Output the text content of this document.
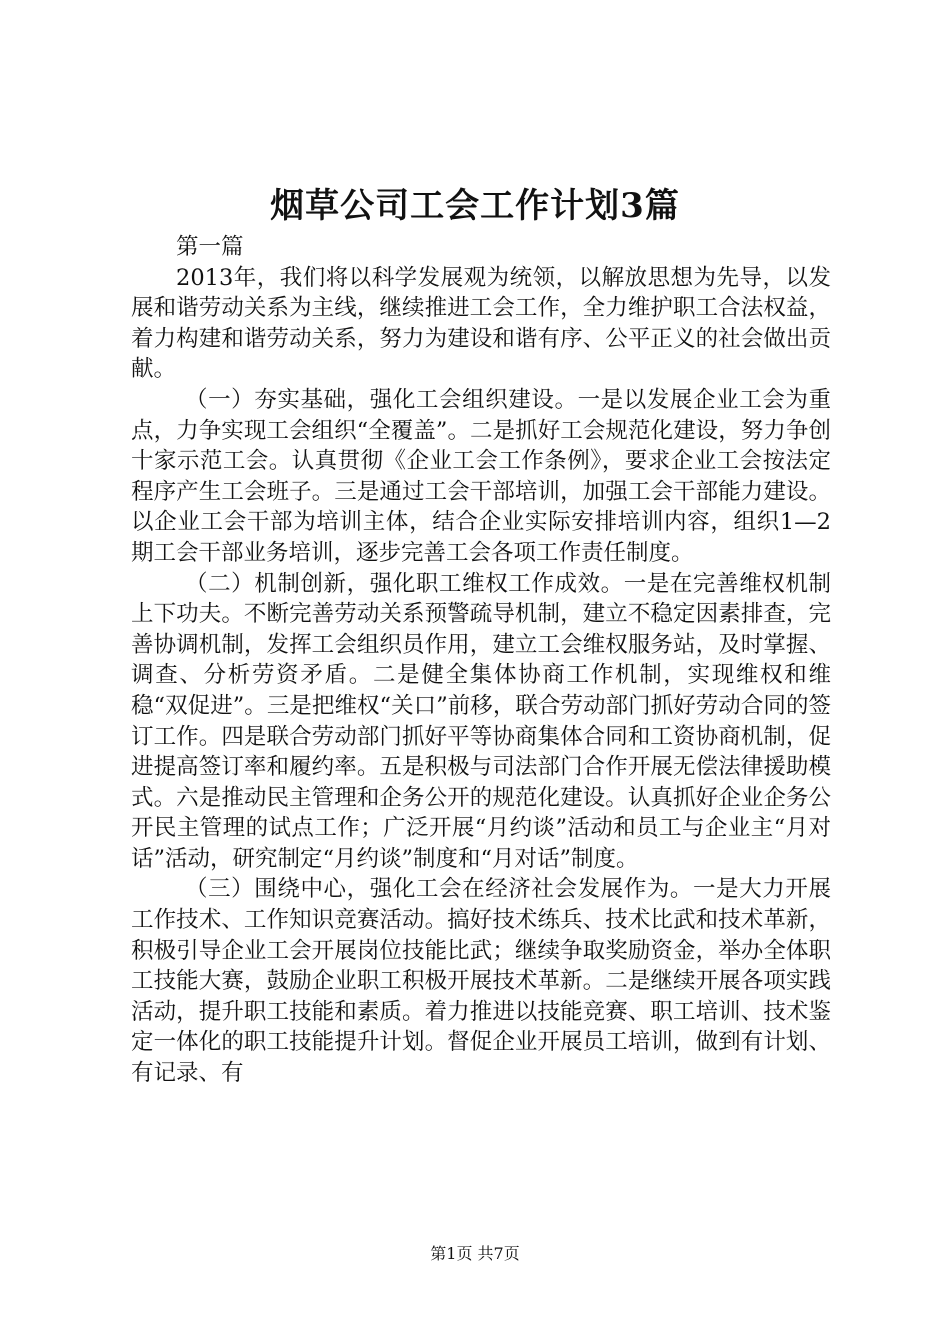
烟草公司工会工作计划3篇

第一篇

2013年，我们将以科学发展观为统领，以解放思想为先导，以发展和谐劳动关系为主线，继续推进工会工作，全力维护职工合法权益，着力构建和谐劳动关系，努力为建设和谐有序、公平正义的社会做出贡献。

（一）夯实基础，强化工会组织建设。一是以发展企业工会为重点，力争实现工会组织“全覆盖”。二是抓好工会规范化建设，努力争创十家示范工会。认真贯彻《企业工会工作条例》，要求企业工会按法定程序产生工会班子。三是通过工会干部培训，加强工会干部能力建设。以企业工会干部为培训主体，结合企业实际安排培训内容，组织1—2期工会干部业务培训，逐步完善工会各项工作责任制度。

（二）机制创新，强化职工维权工作成效。一是在完善维权机制上下功夫。不断完善劳动关系预警疏导机制，建立不稳定因素排查，完善协调机制，发挥工会组织员作用，建立工会维权服务站，及时掌握、调查、分析劳资矛盾。二是健全集体协商工作机制，实现维权和维稳“双促进”。三是把维权“关口”前移，联合劳动部门抓好劳动合同的签订工作。四是联合劳动部门抓好平等协商集体合同和工资协商机制，促进提高签订率和履约率。五是积极与司法部门合作开展无偿法律援助模式。六是推动民主管理和企务公开的规范化建设。认真抓好企业企务公开民主管理的试点工作；广泛开展“月约谈”活动和员工与企业主“月对话”活动，研究制定“月约谈”制度和“月对话”制度。

（三）围绕中心，强化工会在经济社会发展作为。一是大力开展工作技术、工作知识竞赛活动。搞好技术练兵、技术比武和技术革新，积极引导企业工会开展岗位技能比武；继续争取奖励资金，举办全体职工技能大赛，鼓励企业职工积极开展技术革新。二是继续开展各项实践活动，提升职工技能和素质。着力推进以技能竞赛、职工培训、技术鉴定一体化的职工技能提升计划。督促企业开展员工培训，做到有计划、有记录、有

第1页 共7页
